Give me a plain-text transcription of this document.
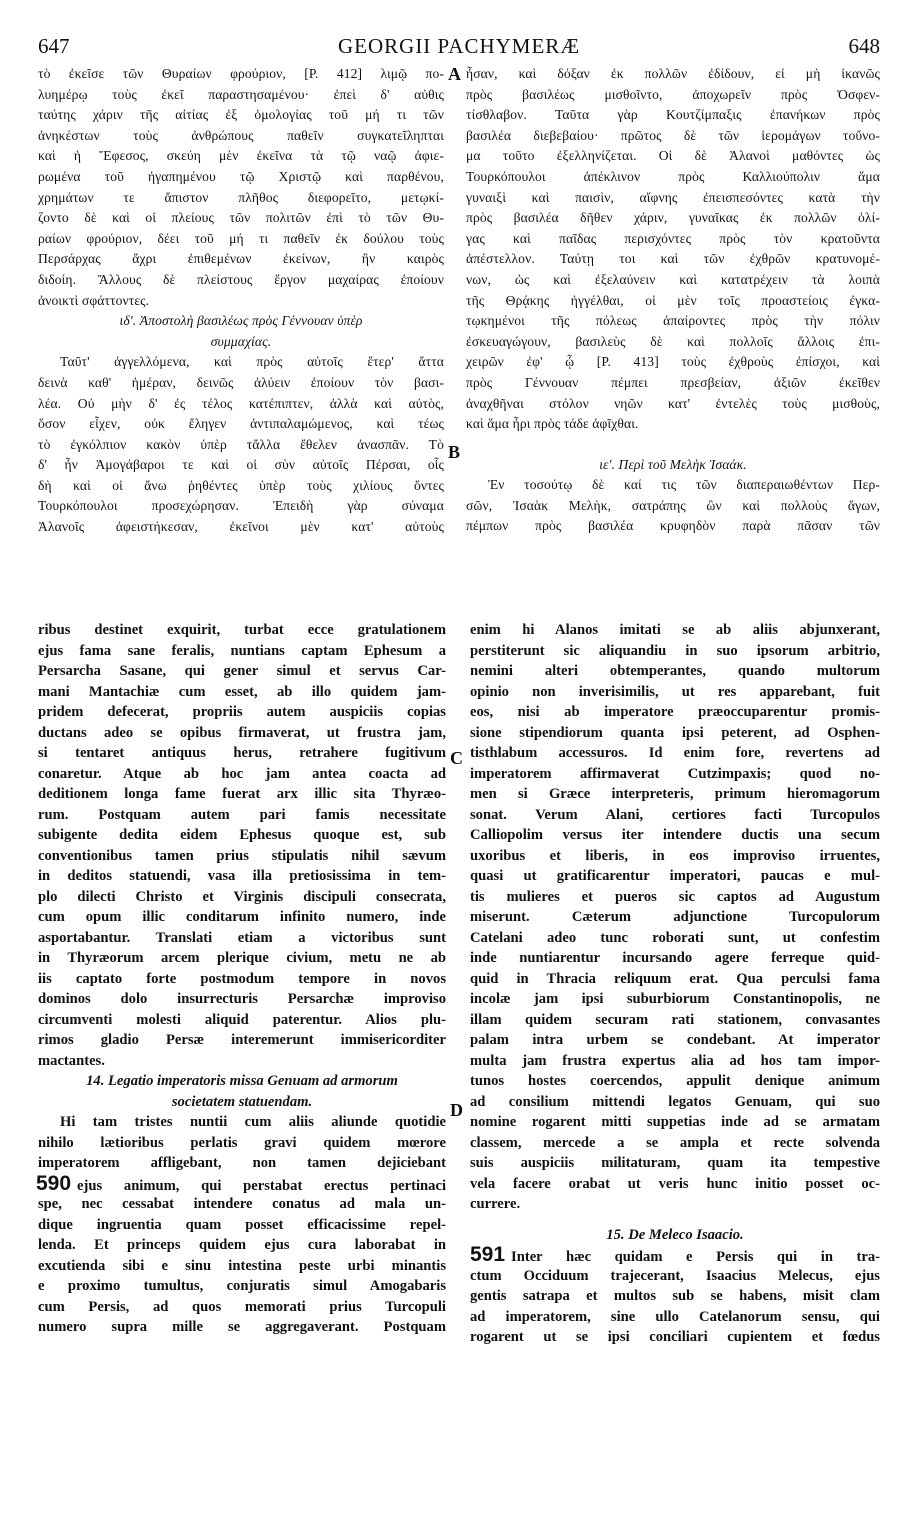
647	GEORGII PACHYMERÆ	648
τὸ ἐκεῖσε τῶν Θυραίων φρούριον, [P. 412] λιμῷ πο-
λυημέρῳ τοὺς ἐκεῖ παραστησαμένου· ἐπεὶ δ' αὐθις
ταύτης χάριν τῆς αἰτίας ἐξ ὁμολογίας τοῦ μή τι τῶν
ἀνηκέστων τοὺς ἀνθρώπους παθεῖν συγκατεῖληπται
καὶ ἡ Ἔφεσος, σκεύη μὲν ἐκεῖνα τὰ τῷ ναῷ ἀφιε-
ρωμένα τοῦ ἠγαπημένου τῷ Χριστῷ καὶ παρθένου,
χρημάτων τε ἄπιστον πλῆθος διεφορεῖτο, μετῳκί-
ζοντο δὲ καὶ οἱ πλείους τῶν πολιτῶν ἐπὶ τὸ τῶν Θυ-
ραίων φρούριον, δέει τοῦ μή τι παθεῖν ἐκ δούλου τοὺς
Περσάρχας ἄχρι ἐπιθεμένων ἐκείνων, ἣν καιρὸς
διδοίη. Ἄλλους δὲ πλείστους ἔργον μαχαίρας ἐποίουν
ἀνοικτὶ σφάττοντες.
ιδ'. Ἀποστολὴ βασιλέως πρὸς Γέννουαν ὑπὲρ
συμμαχίας.
Ταῦτ' ἀγγελλόμενα, καὶ πρὸς αὐτοῖς ἕτερ' ἄττα
δεινὰ καθ' ἡμέραν, δεινῶς ἀλύειν ἐποίουν τὸν βασι-
λέα. Οὐ μὴν δ' ἐς τέλος κατέπιπτεν, ἀλλὰ καὶ αὐτὸς,
ὅσον εἶχεν, οὐκ ἔληγεν ἀντιπαλαμώμενος, καὶ τέως
τὸ ἐγκόλπιον κακὸν ὑπὲρ τἄλλα ἔθελεν ἀνασπᾶν. Τὸ
δ' ἦν Ἀμογάβαροι τε καὶ οἱ σὺν αὐτοῖς Πέρσαι, οἷς
δὴ καὶ οἱ ἄνω ῥηθέντες ὑπὲρ τοὺς χιλίους ὄντες
Τουρκόπουλοι προσεχώρησαν. Ἐπειδὴ γὰρ σύναμα
Ἀλανοῖς ἀφειστήκεσαν, ἐκεῖνοι μὲν κατ' αὐτοὺς
ἦσαν, καὶ δόξαν ἐκ πολλῶν ἐδίδουν, εἰ μὴ ἱκανῶς
πρὸς βασιλέως μισθοῖντο, ἀποχωρεῖν πρὸς Ὀσφεν-
τίσθλαβον. Ταῦτα γὰρ Κουτζίμπαξις ἐπανήκων πρὸς
βασιλέα διεβεβαίου· πρῶτος δὲ τῶν ἱερομάγων τοὔνο-
μα τοῦτο ἐξελληνίζεται. Οἱ δὲ Ἀλανοὶ μαθόντες ὡς
Τουρκόπουλοι ἀπέκλινον πρὸς Καλλιούπολιν ἅμα
γυναιξὶ καὶ παισὶν, αἴφνης ἐπεισπεσόντες κατὰ τὴν
πρὸς βασιλέα δῆθεν χάριν, γυναῖκας ἐκ πολλῶν ὀλί-
γας καὶ παῖδας περισχόντες πρὸς τὸν κρατοῦντα
ἀπέστελλον. Ταύτῃ τοι καὶ τῶν ἐχθρῶν κρατυνομέ-
νων, ὡς καὶ ἐξελαύνειν καὶ κατατρέχειν τὰ λοιπὰ
τῆς Θρᾴκης ἠγγέλθαι, οἱ μὲν τοῖς προαστείοις ἐγκα-
τῳκημένοι τῆς πόλεως ἀπαίροντες πρὸς τὴν πόλιν
ἐσκευαγώγουν, βασιλεὺς δὲ καὶ πολλοῖς ἄλλοις ἐπι-
χειρῶν ἐφ' ᾧ [P. 413] τοὺς ἐχθροὺς ἐπίσχοι, καὶ
πρὸς Γέννουαν πέμπει πρεσβείαν, ἀξιῶν ἐκεῖθεν
ἀναχθῆναι στόλον νηῶν κατ' ἐντελὲς τοὺς μισθοὺς,
καὶ ἅμα ἦρι πρὸς τάδε ἀφῖχθαι.
ιε'. Περὶ τοῦ Μελὴκ Ἰσαάκ.
Ἐν τοσούτῳ δὲ καί τις τῶν διαπεραιωθέντων Περ-
σῶν, Ἰσαὰκ Μελὴκ, σατράπης ὢν καὶ πολλοὺς ἄγων,
πέμπων πρὸς βασιλέα κρυφηδὸν παρὰ πᾶσαν τῶν
ribus destinet exquirit, turbat ecce gratulationem
ejus fama sane feralis, nuntians captam Ephesum a
Persarcha Sasane, qui gener simul et servus Car-
mani Mantachiæ cum esset, ab illo quidem jam-
pridem defecerat, propriis autem auspiciis copias
ductans adeo se opibus firmaverat, ut frustra jam,
si tentaret antiquus herus, retrahere fugitivum
conaretur. Atque ab hoc jam antea coacta ad
deditionem longa fame fuerat arx illic sita Thyræo-
rum. Postquam autem pari famis necessitate
subigente dedita eidem Ephesus quoque est, sub
conventionibus tamen prius stipulatis nihil sævum
in deditos statuendi, vasa illa pretiosissima in tem-
plo dilecti Christo et Virginis discipuli consecrata,
cum opum illic conditarum infinito numero, inde
asportabantur. Translati etiam a victoribus sunt
in Thyræorum arcem plerique civium, metu ne ab
iis captato forte postmodum tempore in novos
dominos dolo insurrecturis Persarchæ improviso
circumventi molesti aliquid paterentur. Alios plu-
rimos gladio Persæ interemerunt immisericorditer
mactantes.
14. Legatio imperatoris missa Genuam ad armorum
societatem statuendam.
Hi tam tristes nuntii cum aliis aliunde quotidie
nihilo lætioribus perlatis gravi quidem mœrore
imperatorem affligebant, non tamen dejiciebant
590 ejus animum, qui perstabat erectus pertinaci
spe, nec cessabat intendere conatus ad mala un-
dique ingruentia quam posset efficacissime repel-
lenda. Et princeps quidem ejus cura laborabat in
excutienda sibi e sinu intestina peste urbi minantis
e proximo tumultus, conjuratis simul Amogabaris
cum Persis, ad quos memorati prius Turcopuli
numero supra mille se aggregaverant. Postquam
enim hi Alanos imitati se ab aliis abjunxerant,
perstiterunt sic aliquandiu in suo ipsorum arbitrio,
nemini alteri obtemperantes, quando multorum
opinio non inverisimilis, ut res apparebant, fuit
eos, nisi ab imperatore præoccuparentur promis-
sione stipendiorum quanta ipsi peterent, ad Osphen-
tisthlabum accessuros. Id enim fore, revertens ad
imperatorem affirmaverat Cutzimpaxis; quod no-
men si Græce interpreteris, primum hieromagorum
sonat. Verum Alani, certiores facti Turcopulos
Calliopolim versus iter intendere ductis una secum
uxoribus et liberis, in eos improviso irruentes,
quasi ut gratificarentur imperatori, paucas e mul-
tis mulieres et pueros sic captos ad Augustum
miserunt. Cæterum adjunctione Turcopulorum
Catelani adeo tunc roborati sunt, ut confestim
inde nuntiarentur incursando agere ferreque quid-
quid in Thracia reliquum erat. Qua perculsi fama
incolæ jam ipsi suburbiorum Constantinopolis, ne
illam quidem securam rati stationem, convasantes
palam intra urbem se condebant. At imperator
multa jam frustra expertus alia ad hos tam impor-
tunos hostes coercendos, appulit denique animum
ad consilium mittendi legatos Genuam, qui suo
nomine rogarent mitti suppetias inde ad se armatam
classem, mercede a se ampla et recte solvenda
suis auspiciis militaturam, quam ita tempestive
vela facere orabat ut veris hunc initio posset oc-
currere.
15. De Meleco Isaacio.
591 Inter hæc quidam e Persis qui in tra-
ctum Occiduum trajecerant, Isaacius Melecus, ejus
gentis satrapa et multos sub se habens, misit clam
ad imperatorem, sine ullo Catelanorum sensu, qui
rogarent ut se ipsi conciliari cupientem et fœdus
A
B
C
D
